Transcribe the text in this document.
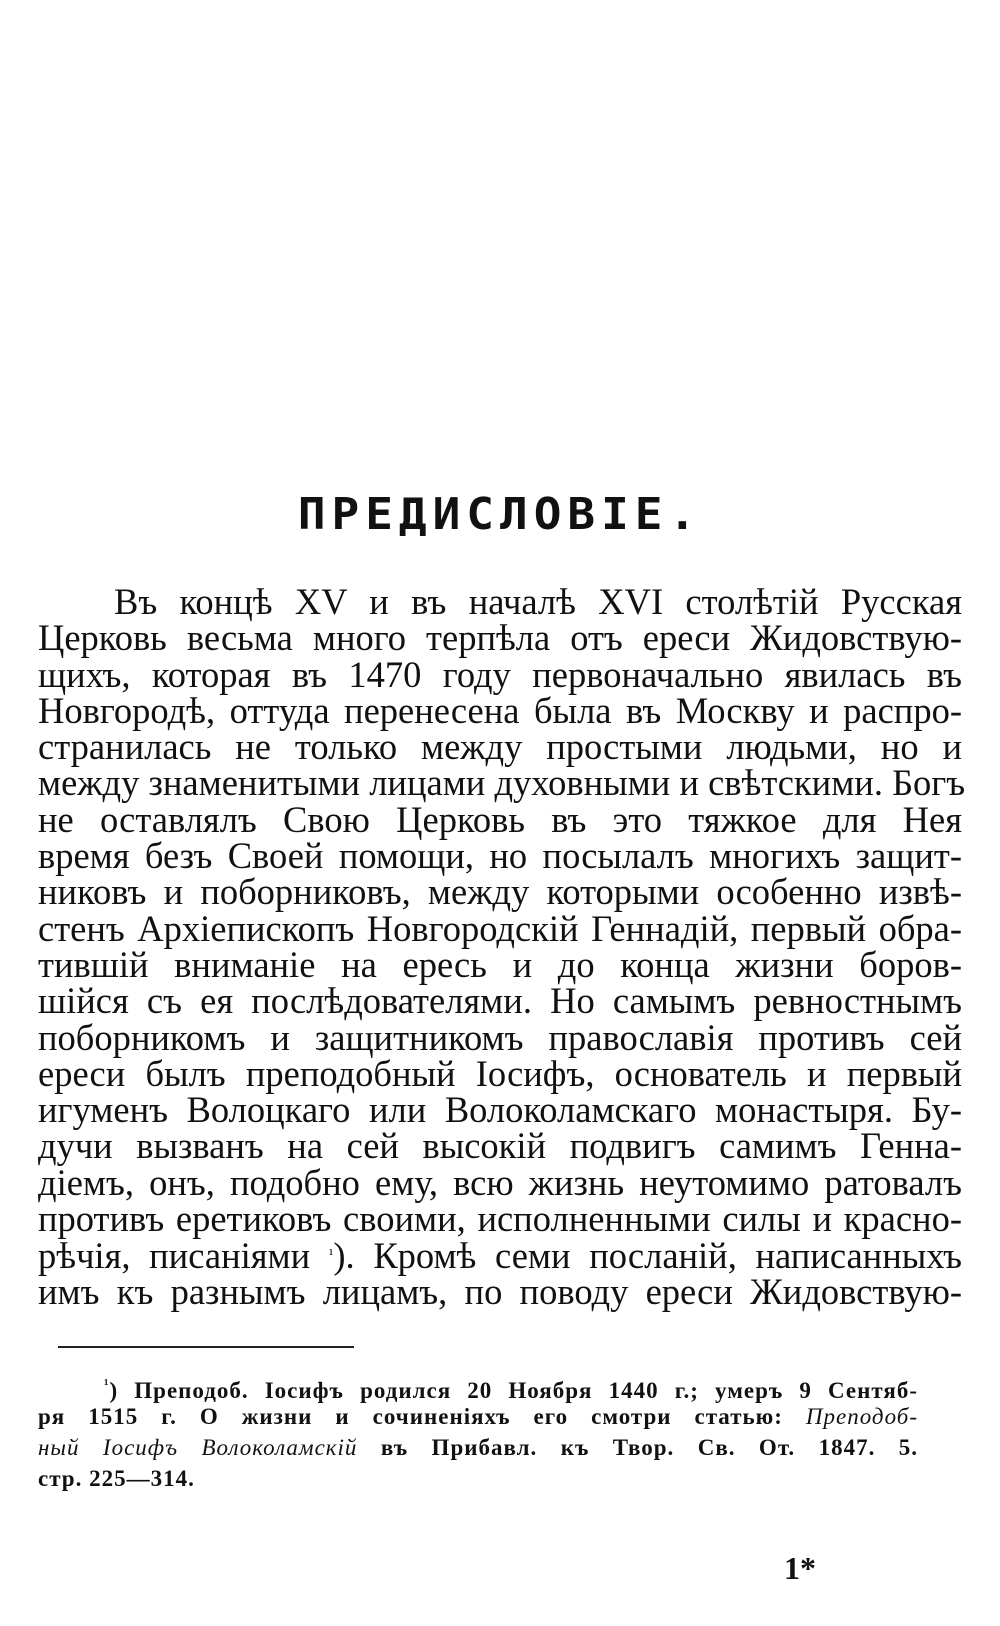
ПРЕДИСЛОВІЕ.
Въ концѣ XV и въ началѣ XVI столѣтій Русская
Церковь весьма много терпѣла отъ ереси Жидовствую-
щихъ, которая въ 1470 году первоначально явилась въ
Новгородѣ, оттуда перенесена была въ Москву и распро-
странилась не только между простыми людьми, но и
между знаменитыми лицами духовными и свѣтскими. Богъ
не оставлялъ Свою Церковь въ это тяжкое для Нея
время безъ Своей помощи, но посылалъ многихъ защит-
никовъ и поборниковъ, между которыми особенно извѣ-
стенъ Архіепископъ Новгородскій Геннадій, первый обра-
тившій вниманіе на ересь и до конца жизни боров-
шійся съ ея послѣдователями. Но самымъ ревностнымъ
поборникомъ и защитникомъ православія противъ сей
ереси былъ преподобный Іосифъ, основатель и первый
игуменъ Волоцкаго или Волоколамскаго монастыря. Бу-
дучи вызванъ на сей высокій подвигъ самимъ Генна-
діемъ, онъ, подобно ему, всю жизнь неутомимо ратовалъ
противъ еретиковъ своими, исполненными силы и красно-
рѣчія, писаніями $^{^1}$). Кромѣ семи посланій, написанныхъ
имъ къ разнымъ лицамъ, по поводу ереси Жидовствую-
$^{^1}$) Преподоб. Іосифъ родился 20 Ноября 1440 г.; умеръ 9 Сентяб-
ря 1515 г. О жизни и сочиненіяхъ его смотри статью: Преподоб-
ный Іосифъ Волоколамскій въ Прибавл. къ Твор. Св. От. 1847. 5.
стр. 225—314.
1*
